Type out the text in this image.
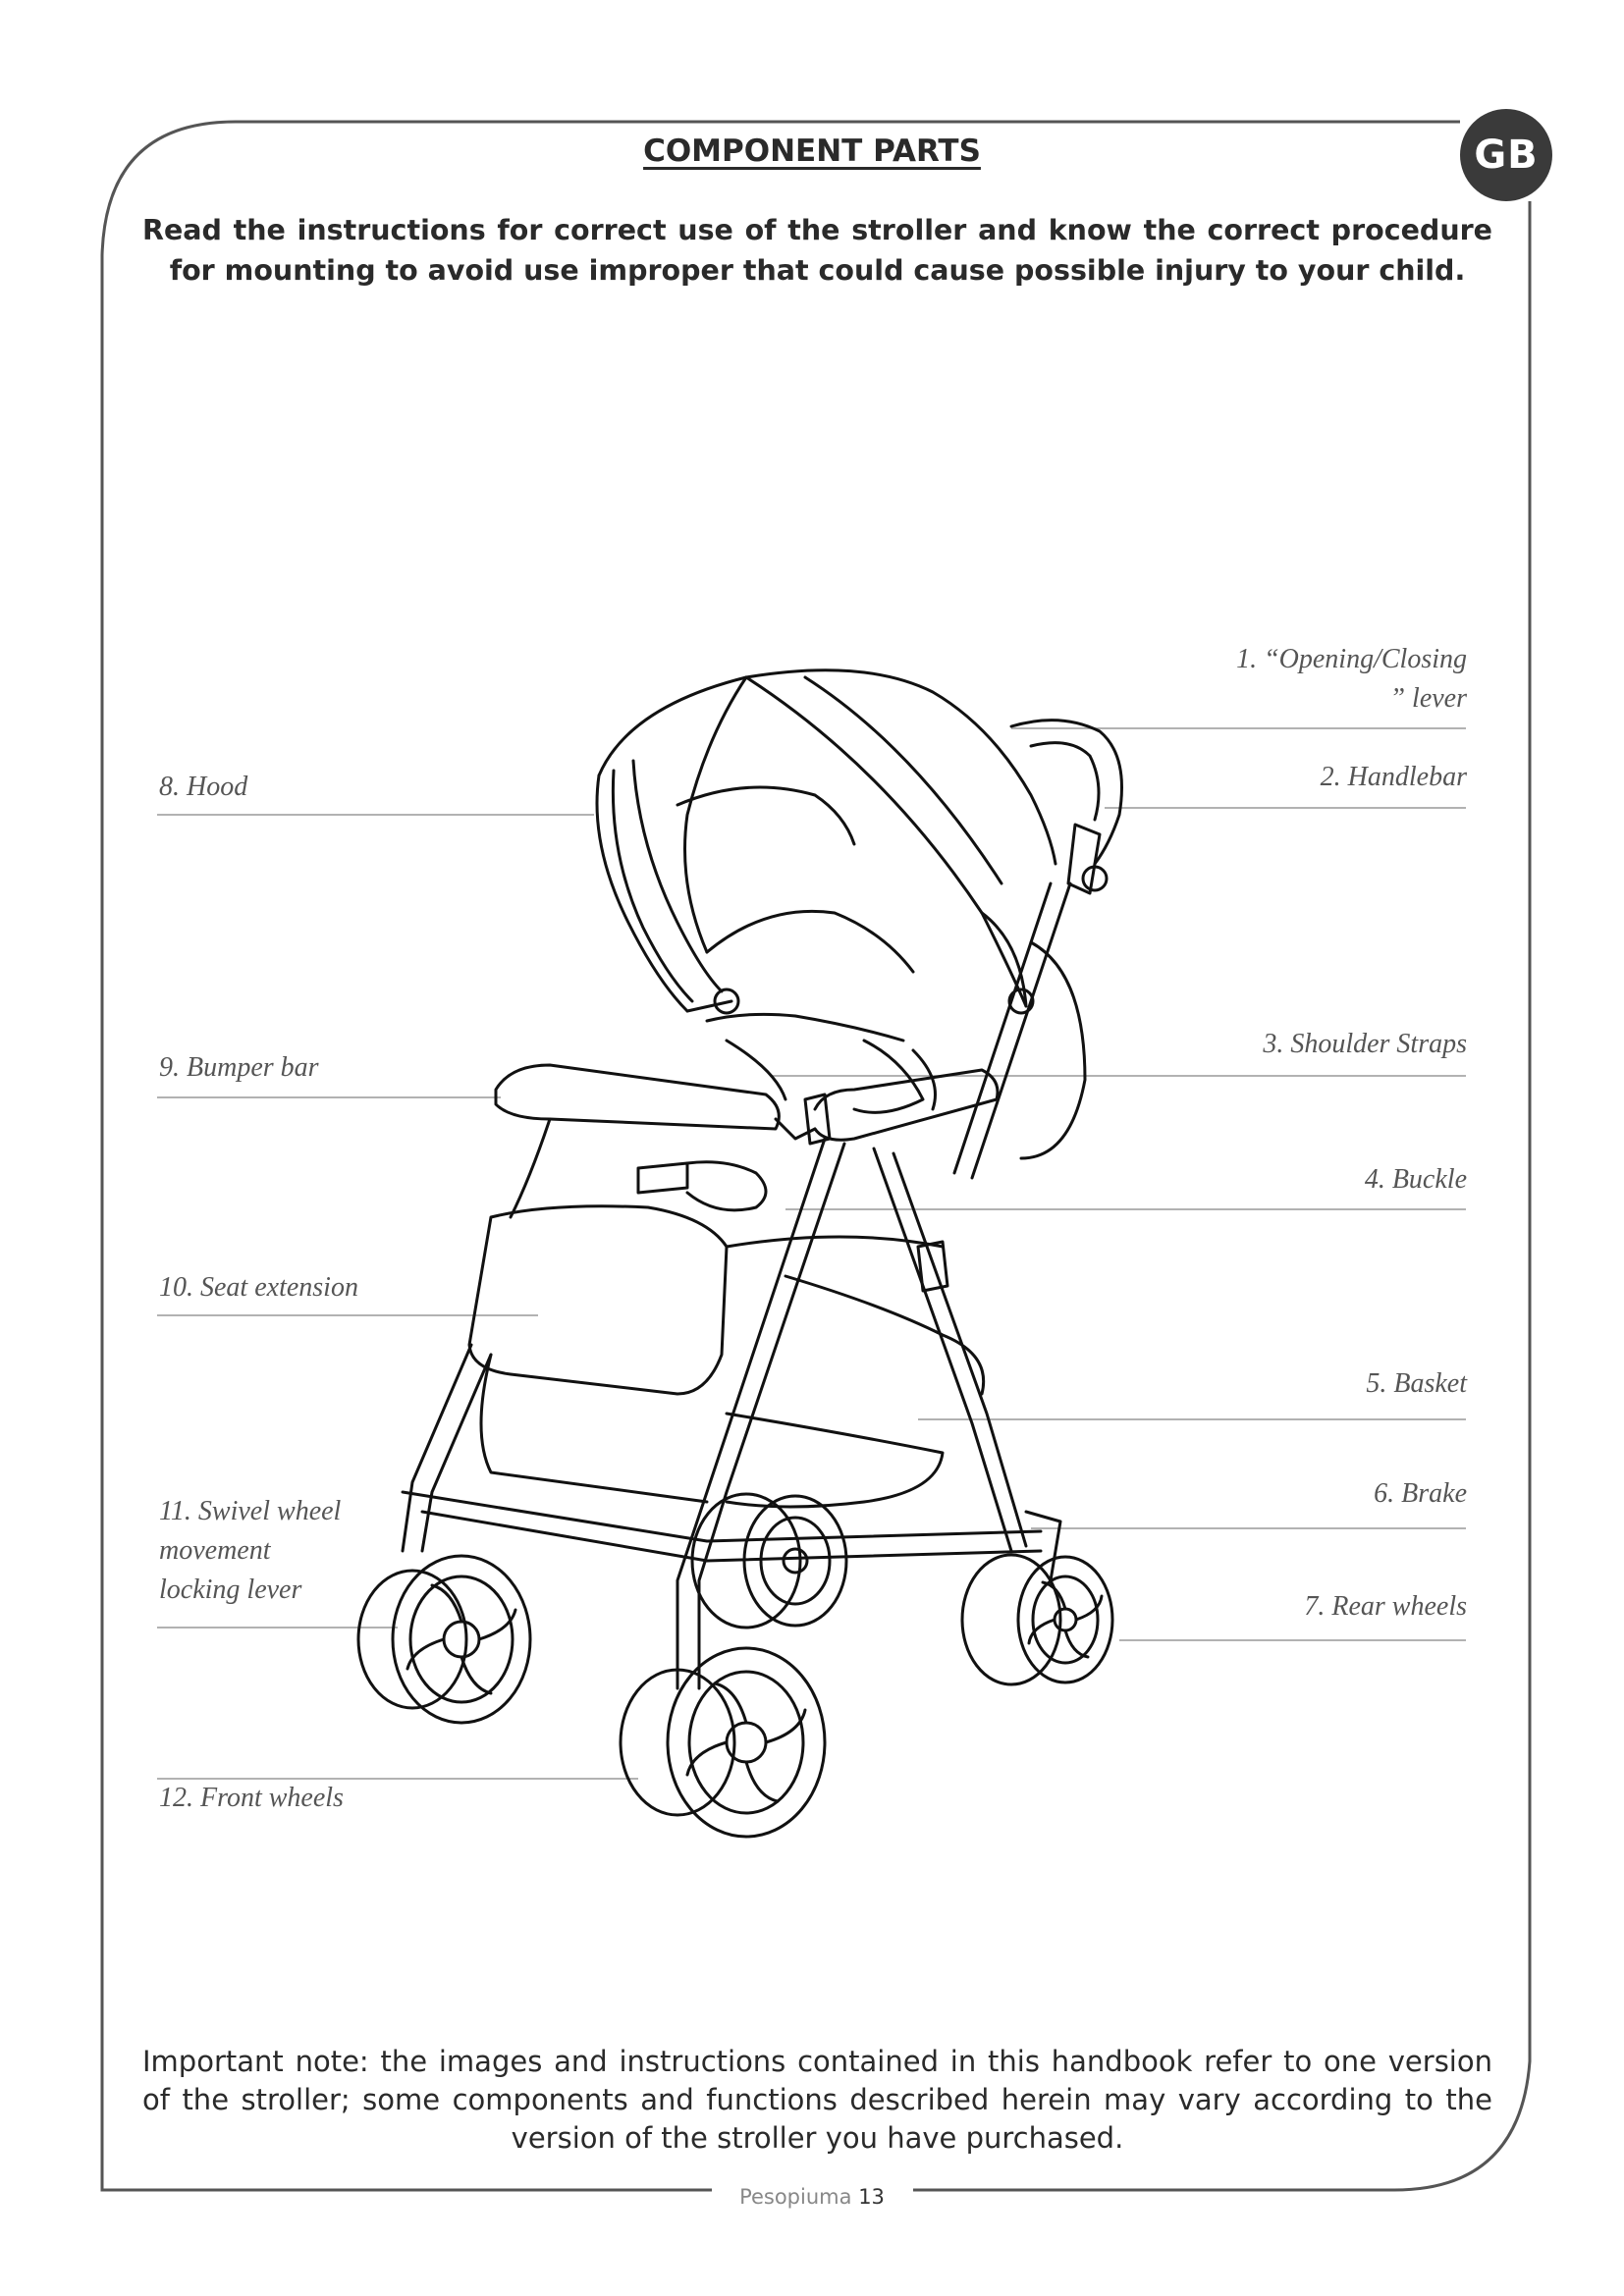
GB
COMPONENT PARTS
Read the instructions for correct use of the stroller and know the correct procedure for mounting to avoid use improper that could cause possible injury to your child.
1. “Opening/Closing
” lever
2. Handlebar
3. Shoulder Straps
4. Buckle
5. Basket
6. Brake
7. Rear wheels
8. Hood
9. Bumper bar
10. Seat extension
11. Swivel wheel
movement
locking lever
12. Front wheels
Important note: the images and instructions contained in this handbook refer to one version of the stroller; some components and functions described herein may vary according to the version of the stroller you have purchased.
Pesopiuma 13
